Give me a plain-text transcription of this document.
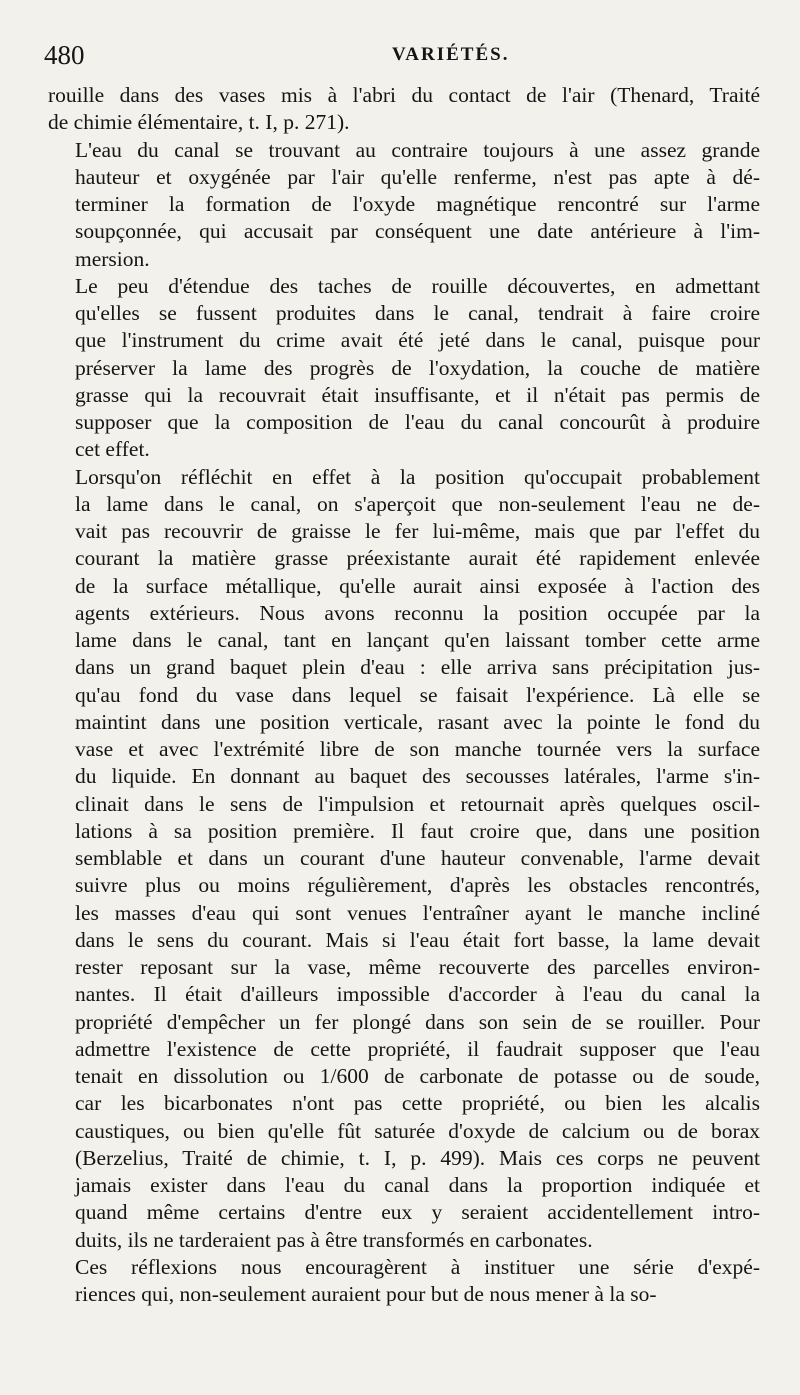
480	VARIÉTÉS.

rouille dans des vases mis à l'abri du contact de l'air (Thenard, Traité
de chimie élémentaire, t. I, p. 271).

L'eau du canal se trouvant au contraire toujours à une assez grande
hauteur et oxygénée par l'air qu'elle renferme, n'est pas apte à dé-
terminer la formation de l'oxyde magnétique rencontré sur l'arme
soupçonnée, qui accusait par conséquent une date antérieure à l'im-
mersion.

Le peu d'étendue des taches de rouille découvertes, en admettant
qu'elles se fussent produites dans le canal, tendrait à faire croire
que l'instrument du crime avait été jeté dans le canal, puisque pour
préserver la lame des progrès de l'oxydation, la couche de matière
grasse qui la recouvrait était insuffisante, et il n'était pas permis de
supposer que la composition de l'eau du canal concourût à produire
cet effet.

Lorsqu'on réfléchit en effet à la position qu'occupait probablement
la lame dans le canal, on s'aperçoit que non-seulement l'eau ne de-
vait pas recouvrir de graisse le fer lui-même, mais que par l'effet du
courant la matière grasse préexistante aurait été rapidement enlevée
de la surface métallique, qu'elle aurait ainsi exposée à l'action des
agents extérieurs. Nous avons reconnu la position occupée par la
lame dans le canal, tant en lançant qu'en laissant tomber cette arme
dans un grand baquet plein d'eau : elle arriva sans précipitation jus-
qu'au fond du vase dans lequel se faisait l'expérience. Là elle se
maintint dans une position verticale, rasant avec la pointe le fond du
vase et avec l'extrémité libre de son manche tournée vers la surface
du liquide. En donnant au baquet des secousses latérales, l'arme s'in-
clinait dans le sens de l'impulsion et retournait après quelques oscil-
lations à sa position première. Il faut croire que, dans une position
semblable et dans un courant d'une hauteur convenable, l'arme devait
suivre plus ou moins régulièrement, d'après les obstacles rencontrés,
les masses d'eau qui sont venues l'entraîner ayant le manche incliné
dans le sens du courant. Mais si l'eau était fort basse, la lame devait
rester reposant sur la vase, même recouverte des parcelles environ-
nantes. Il était d'ailleurs impossible d'accorder à l'eau du canal la
propriété d'empêcher un fer plongé dans son sein de se rouiller. Pour
admettre l'existence de cette propriété, il faudrait supposer que l'eau
tenait en dissolution ou 1/600 de carbonate de potasse ou de soude,
car les bicarbonates n'ont pas cette propriété, ou bien les alcalis
caustiques, ou bien qu'elle fût saturée d'oxyde de calcium ou de borax
(Berzelius, Traité de chimie, t. I, p. 499). Mais ces corps ne peuvent
jamais exister dans l'eau du canal dans la proportion indiquée et
quand même certains d'entre eux y seraient accidentellement intro-
duits, ils ne tarderaient pas à être transformés en carbonates.

Ces réflexions nous encouragèrent à instituer une série d'expé-
riences qui, non-seulement auraient pour but de nous mener à la so-
